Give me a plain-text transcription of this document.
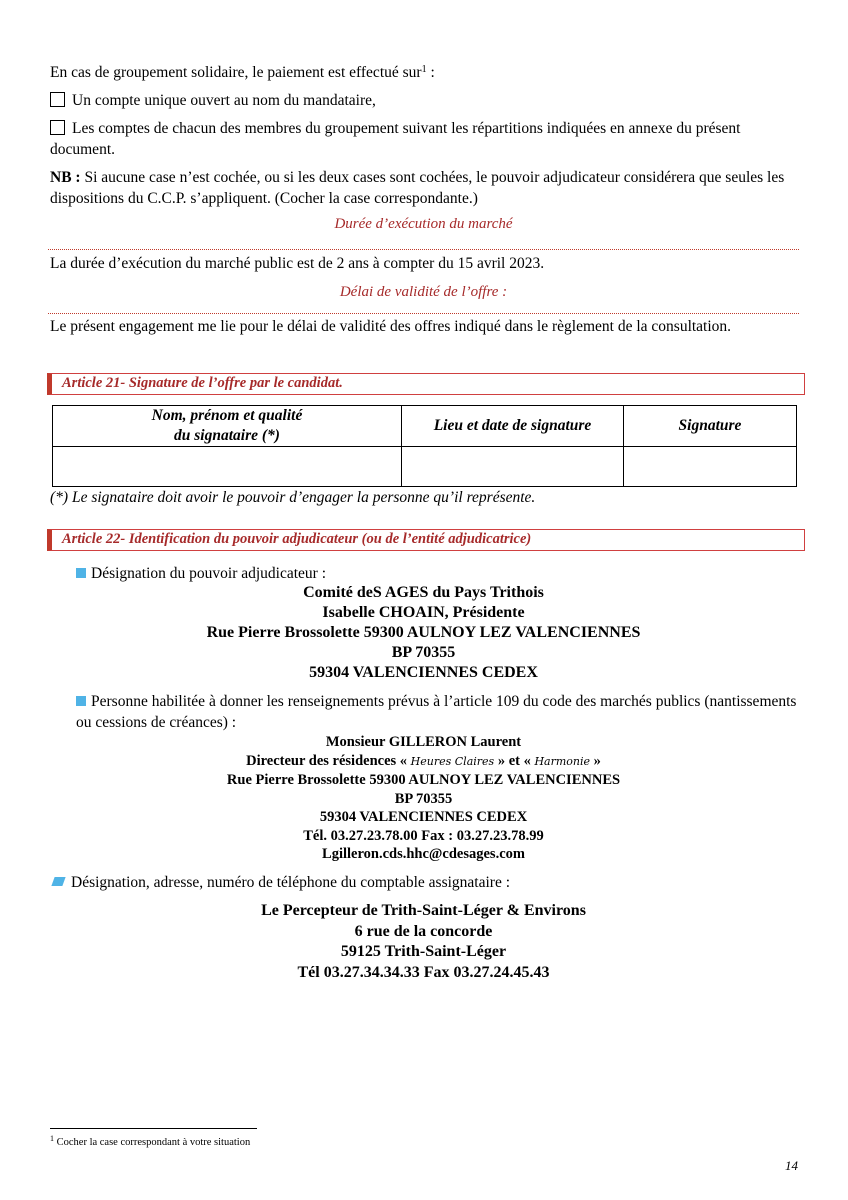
En cas de groupement solidaire, le paiement est effectué sur$^1$ :
Un compte unique ouvert au nom du mandataire,
Les comptes de chacun des membres du groupement suivant les répartitions indiquées en annexe du présent document.
NB : Si aucune case n’est cochée, ou si les deux cases sont cochées, le pouvoir adjudicateur considérera que seules les dispositions du C.C.P. s’appliquent. (Cocher la case correspondante.)
Durée d’exécution du marché
La durée d’exécution du marché public est de 2 ans à compter du 15 avril 2023.
Délai de validité de l’offre :
Le présent engagement me lie pour le délai de validité des offres indiqué dans le règlement de la consultation.
Article 21- Signature de l’offre par le candidat.
Nom, prénom et qualité
du signataire (*)	Lieu et date de signature	Signature

(*) Le signataire doit avoir le pouvoir d’engager la personne qu’il représente.
Article 22- Identification du pouvoir adjudicateur (ou de l’entité adjudicatrice)
Désignation du pouvoir adjudicateur :
Comité deS AGES du Pays Trithois
Isabelle CHOAIN, Présidente
Rue Pierre Brossolette 59300 AULNOY LEZ VALENCIENNES
BP 70355
59304 VALENCIENNES CEDEX
Personne habilitée à donner les renseignements prévus à l’article 109 du code des marchés publics (nantissements ou cessions de créances) :
Monsieur GILLERON Laurent
Directeur des résidences « Heures Claires » et « Harmonie »
Rue Pierre Brossolette 59300 AULNOY LEZ VALENCIENNES
BP 70355
59304 VALENCIENNES CEDEX
Tél. 03.27.23.78.00 Fax : 03.27.23.78.99
Lgilleron.cds.hhc@cdesages.com
Désignation, adresse, numéro de téléphone du comptable assignataire :
Le Percepteur de Trith-Saint-Léger & Environs
6 rue de la concorde
59125 Trith-Saint-Léger
Tél 03.27.34.34.33 Fax 03.27.24.45.43
$^1$ Cocher la case correspondant à votre situation
14
